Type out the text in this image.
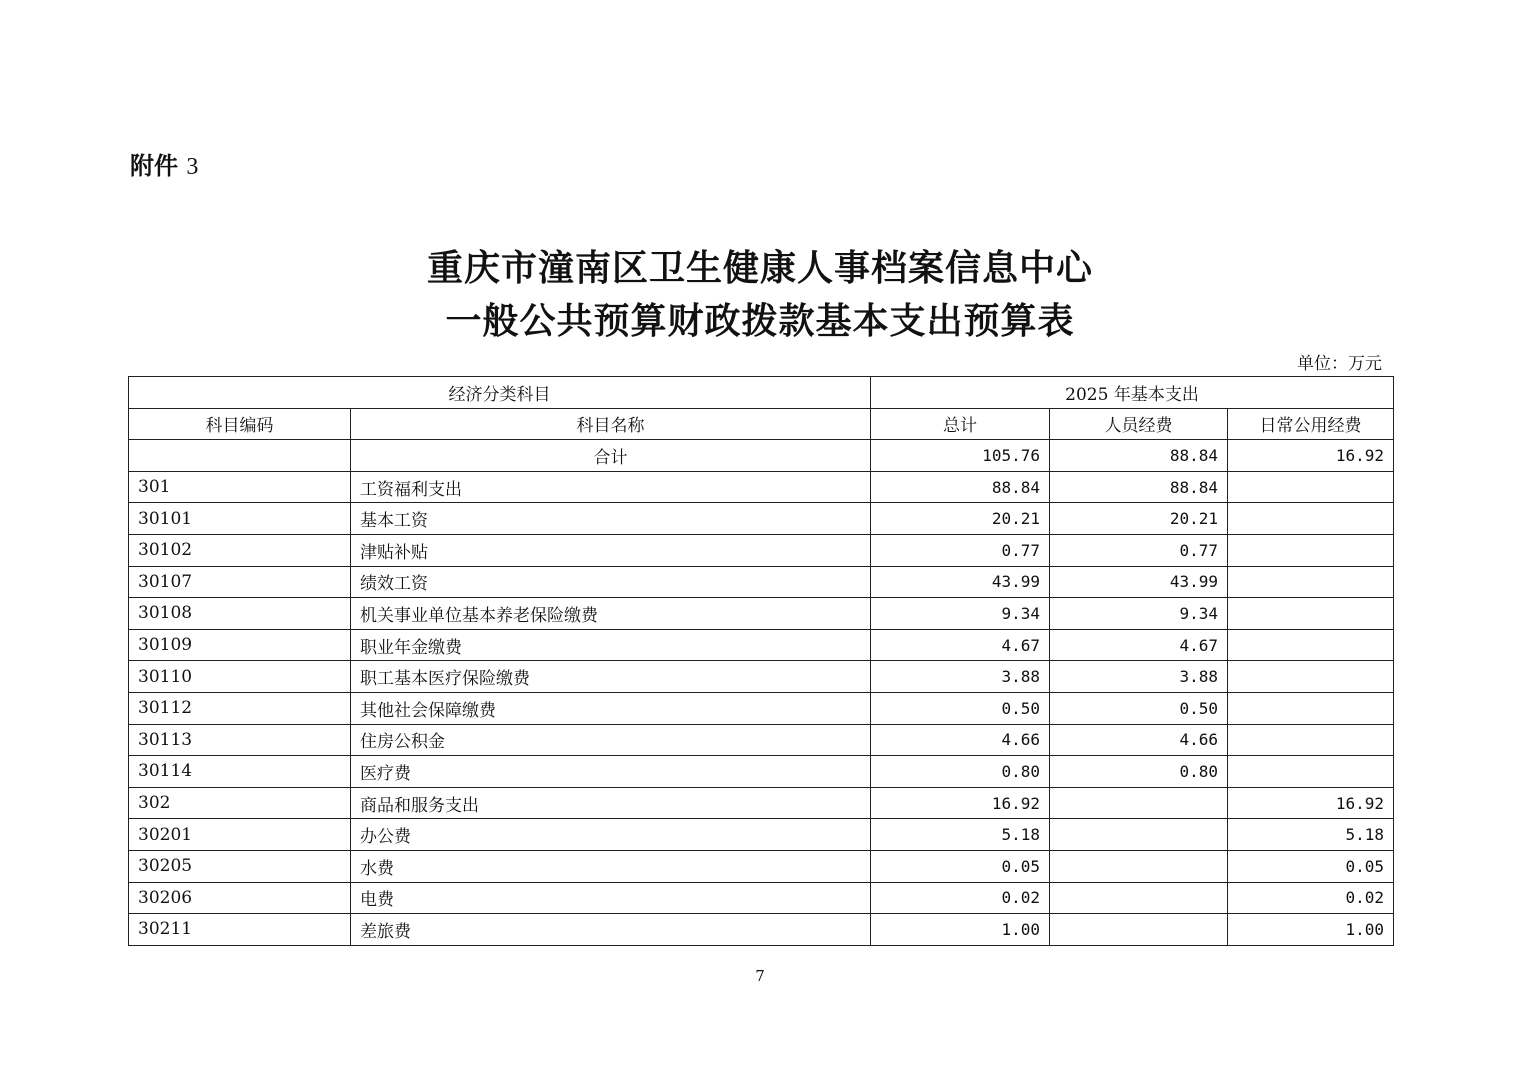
附件 3
重庆市潼南区卫生健康人事档案信息中心
一般公共预算财政拨款基本支出预算表
单位：万元
经济分类科目		2025 年基本支出		
科目编码	科目名称	总计	人员经费	日常公用经费
	合计	105.76	88.84	16.92
301	工资福利支出	88.84	88.84	
30101	基本工资	20.21	20.21	
30102	津贴补贴	0.77	0.77	
30107	绩效工资	43.99	43.99	
30108	机关事业单位基本养老保险缴费	9.34	9.34	
30109	职业年金缴费	4.67	4.67	
30110	职工基本医疗保险缴费	3.88	3.88	
30112	其他社会保障缴费	0.50	0.50	
30113	住房公积金	4.66	4.66	
30114	医疗费	0.80	0.80	
302	商品和服务支出	16.92		16.92
30201	办公费	5.18		5.18
30205	水费	0.05		0.05
30206	电费	0.02		0.02
30211	差旅费	1.00		1.00
7
